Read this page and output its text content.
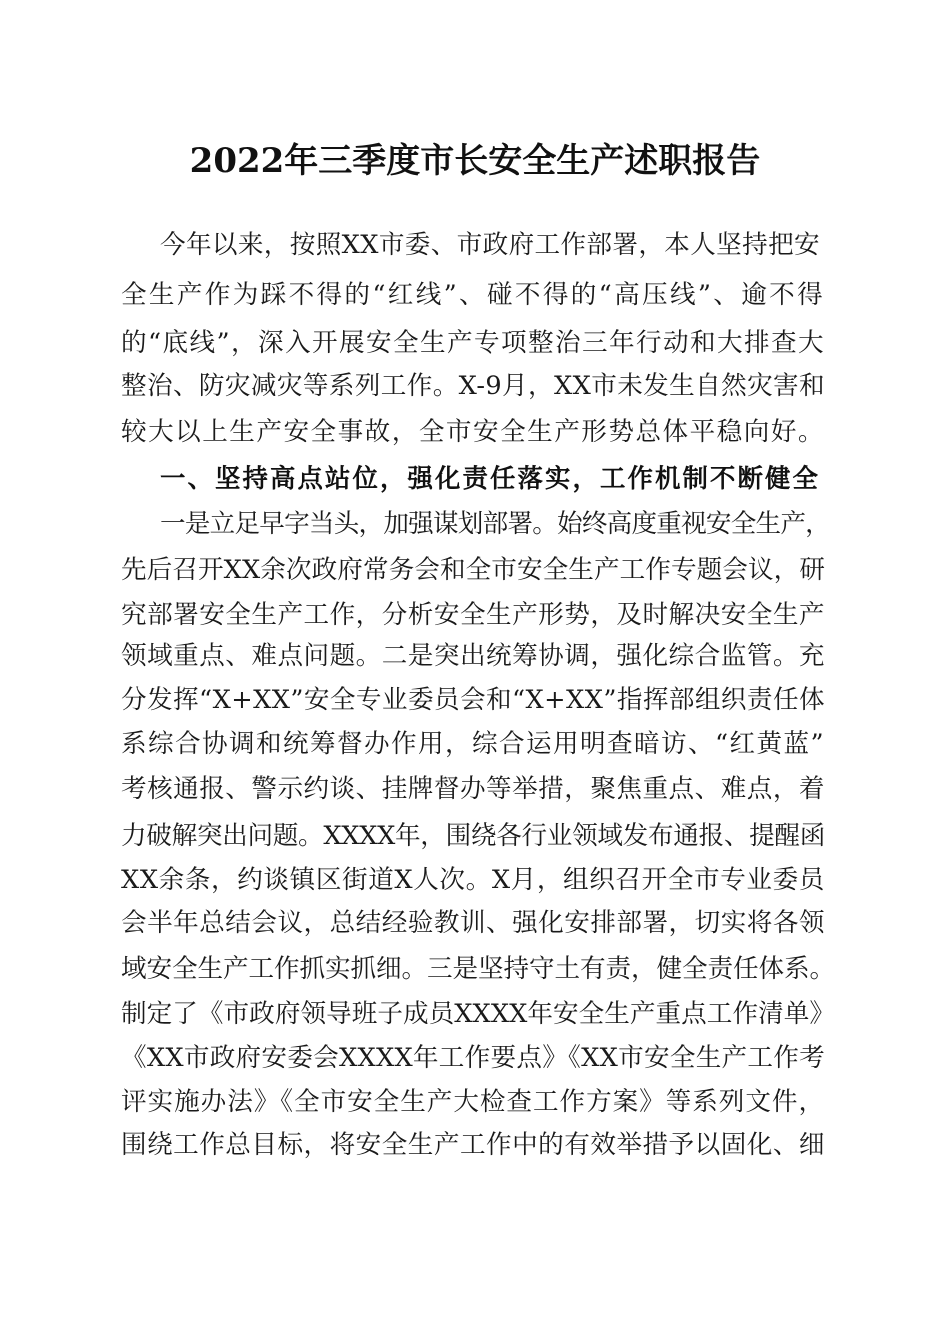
2022年三季度市长安全生产述职报告
今年以来，按照XX市委、市政府工作部署，本人坚持把安
全生产作为踩不得的“红线”、碰不得的“高压线”、逾不得
的“底线”，深入开展安全生产专项整治三年行动和大排查大
整治、防灾减灾等系列工作。X-9月，XX市未发生自然灾害和
较大以上生产安全事故，全市安全生产形势总体平稳向好。
一、坚持高点站位，强化责任落实，工作机制不断健全
一是立足早字当头，加强谋划部署。始终高度重视安全生产，
先后召开XX余次政府常务会和全市安全生产工作专题会议，研
究部署安全生产工作，分析安全生产形势，及时解决安全生产
领域重点、难点问题。二是突出统筹协调，强化综合监管。充
分发挥“X+XX”安全专业委员会和“X+XX”指挥部组织责任体
系综合协调和统筹督办作用，综合运用明查暗访、“红黄蓝”
考核通报、警示约谈、挂牌督办等举措，聚焦重点、难点，着
力破解突出问题。XXXX年，围绕各行业领域发布通报、提醒函
XX余条，约谈镇区街道X人次。X月，组织召开全市专业委员
会半年总结会议，总结经验教训、强化安排部署，切实将各领
域安全生产工作抓实抓细。三是坚持守土有责，健全责任体系。
制定了《市政府领导班子成员XXXX年安全生产重点工作清单》
《XX市政府安委会XXXX年工作要点》《XX市安全生产工作考
评实施办法》《全市安全生产大检查工作方案》等系列文件，
围绕工作总目标，将安全生产工作中的有效举措予以固化、细
